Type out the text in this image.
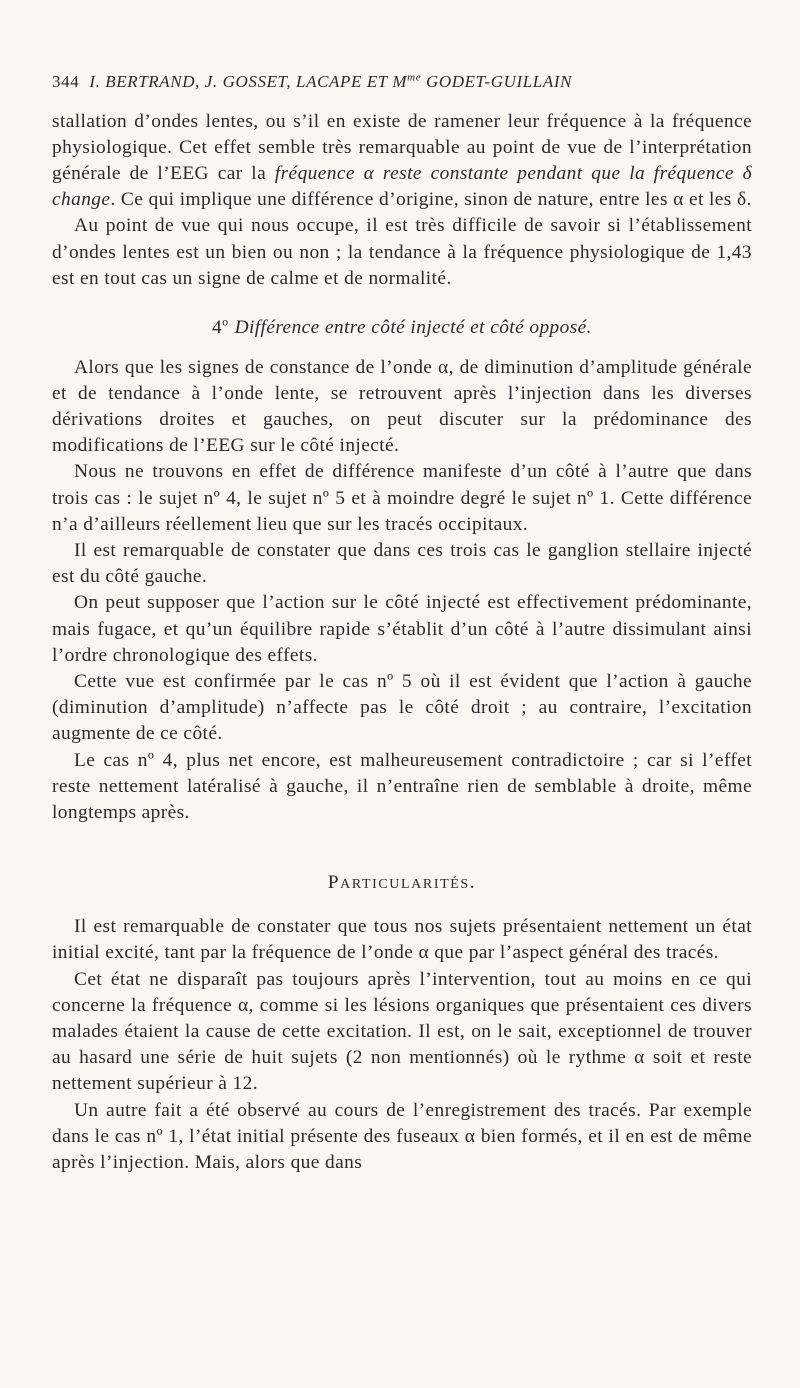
344 I. BERTRAND, J. GOSSET, LACAPE ET $M^{me}$ GODET-GUILLAIN

stallation d’ondes lentes, ou s’il en existe de ramener leur fréquence à la fréquence physiologique. Cet effet semble très remarquable au point de vue de l’interprétation générale de l’EEG car la fréquence α reste constante pendant que la fréquence δ change. Ce qui implique une différence d’origine, sinon de nature, entre les α et les δ.

Au point de vue qui nous occupe, il est très difficile de savoir si l’établissement d’ondes lentes est un bien ou non ; la tendance à la fréquence physiologique de 1,43 est en tout cas un signe de calme et de normalité.

4$^o$ Différence entre côté injecté et côté opposé.

Alors que les signes de constance de l’onde α, de diminution d’amplitude générale et de tendance à l’onde lente, se retrouvent après l’injection dans les diverses dérivations droites et gauches, on peut discuter sur la prédominance des modifications de l’EEG sur le côté injecté.

Nous ne trouvons en effet de différence manifeste d’un côté à l’autre que dans trois cas : le sujet nº 4, le sujet nº 5 et à moindre degré le sujet nº 1. Cette différence n’a d’ailleurs réellement lieu que sur les tracés occipitaux.

Il est remarquable de constater que dans ces trois cas le ganglion stellaire injecté est du côté gauche.

On peut supposer que l’action sur le côté injecté est effectivement prédominante, mais fugace, et qu’un équilibre rapide s’établit d’un côté à l’autre dissimulant ainsi l’ordre chronologique des effets.

Cette vue est confirmée par le cas nº 5 où il est évident que l’action à gauche (diminution d’amplitude) n’affecte pas le côté droit ; au contraire, l’excitation augmente de ce côté.

Le cas nº 4, plus net encore, est malheureusement contradictoire ; car si l’effet reste nettement latéralisé à gauche, il n’entraîne rien de semblable à droite, même longtemps après.

Particularités.

Il est remarquable de constater que tous nos sujets présentaient nettement un état initial excité, tant par la fréquence de l’onde α que par l’aspect général des tracés.

Cet état ne disparaît pas toujours après l’intervention, tout au moins en ce qui concerne la fréquence α, comme si les lésions organiques que présentaient ces divers malades étaient la cause de cette excitation. Il est, on le sait, exceptionnel de trouver au hasard une série de huit sujets (2 non mentionnés) où le rythme α soit et reste nettement supérieur à 12.

Un autre fait a été observé au cours de l’enregistrement des tracés. Par exemple dans le cas nº 1, l’état initial présente des fuseaux α bien formés, et il en est de même après l’injection. Mais, alors que dans
